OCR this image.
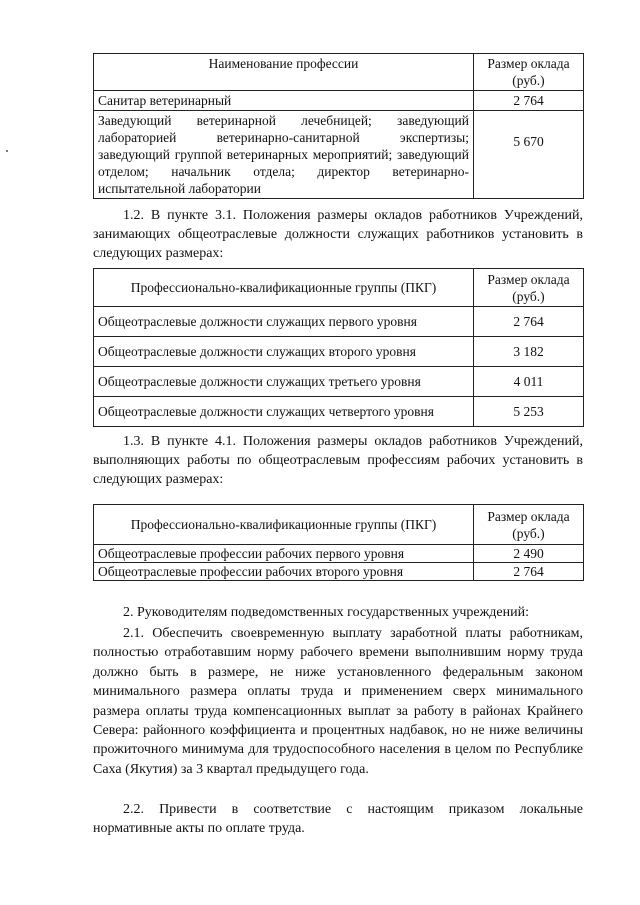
Наименование профессии	Размер оклада (руб.)
Санитар ветеринарный	2 764
Заведующий ветеринарной лечебницей; заведующий лабораторией ветеринарно-санитарной экспертизы; заведующий группой ветеринарных мероприятий; заведующий отделом; начальник отдела; директор ветеринарно-испытательной лаборатории	5 670

1.2. В пункте 3.1. Положения размеры окладов работников Учреждений, занимающих общеотраслевые должности служащих работников установить в следующих размерах:

Профессионально-квалификационные группы (ПКГ)	Размер оклада (руб.)
Общеотраслевые должности служащих первого уровня	2 764
Общеотраслевые должности служащих второго уровня	3 182
Общеотраслевые должности служащих третьего уровня	4 011
Общеотраслевые должности служащих четвертого уровня	5 253

1.3. В пункте 4.1. Положения размеры окладов работников Учреждений, выполняющих работы по общеотраслевым профессиям рабочих установить в следующих размерах:

Профессионально-квалификационные группы (ПКГ)	Размер оклада (руб.)
Общеотраслевые профессии рабочих первого уровня	2 490
Общеотраслевые профессии рабочих второго уровня	2 764

2. Руководителям подведомственных государственных учреждений:

2.1. Обеспечить своевременную выплату заработной платы работникам, полностью отработавшим норму рабочего времени выполнившим норму труда должно быть в размере, не ниже установленного федеральным законом минимального размера оплаты труда и применением сверх минимального размера оплаты труда компенсационных выплат за работу в районах Крайнего Севера: районного коэффициента и процентных надбавок, но не ниже величины прожиточного минимума для трудоспособного населения в целом по Республике Саха (Якутия) за 3 квартал предыдущего года.

2.2. Привести в соответствие с настоящим приказом локальные нормативные акты по оплате труда.
